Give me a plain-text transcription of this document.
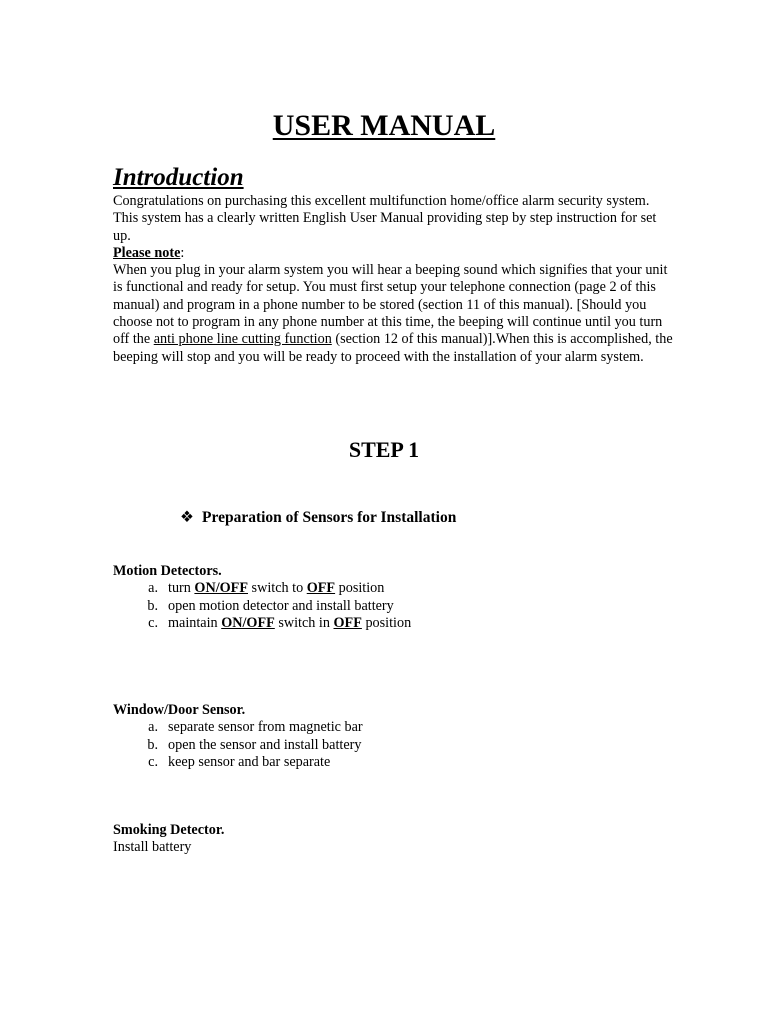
USER MANUAL
Introduction
Congratulations on purchasing this excellent multifunction home/office alarm security system. This system has a clearly written English User Manual providing step by step instruction for set up.
Please note:
When you plug in your alarm system you will hear a beeping sound which signifies that your unit is functional and ready for setup. You must first setup your telephone connection (page 2 of this manual) and program in a phone number to be stored (section 11 of this manual). [Should you choose not to program in any phone number at this time, the beeping will continue until you turn off the anti phone line cutting function (section 12 of this manual)].When this is accomplished, the beeping will stop and you will be ready to proceed with the installation of your alarm system.
STEP 1
❖ Preparation of Sensors for Installation
Motion Detectors.
a. turn ON/OFF switch to OFF position
b. open motion detector and install battery
c. maintain ON/OFF switch in OFF position
Window/Door Sensor.
a. separate sensor from magnetic bar
b. open the sensor and install battery
c. keep sensor and bar separate
Smoking Detector.
Install battery
